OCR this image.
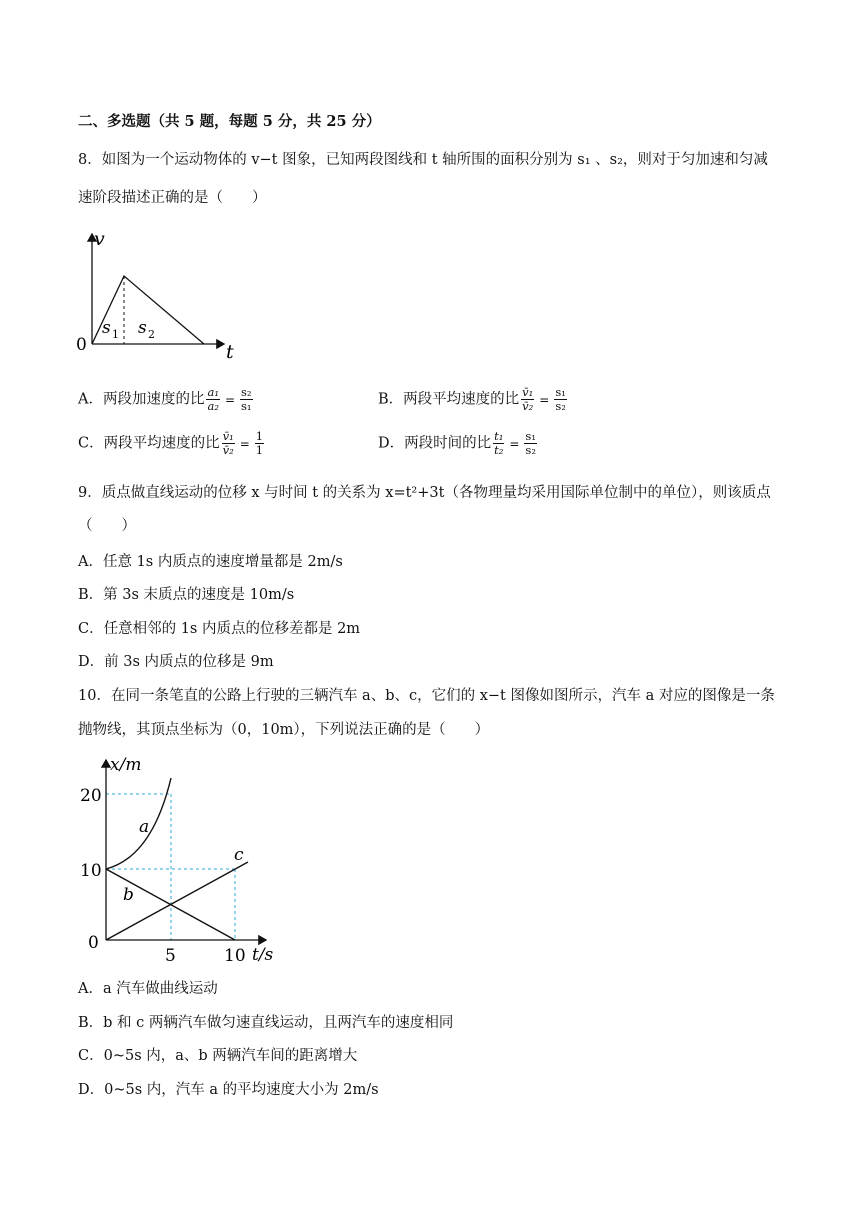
二、多选题（共 5 题，每题 5 分，共 25 分）
8．如图为一个运动物体的 v−t 图象，已知两段图线和 t 轴所围的面积分别为 s₁ 、s₂，则对于匀加速和匀减
速阶段描述正确的是（　　）
v
t
0
s 1 s 2
A．两段加速度的比 $\frac{\text{a₁}}{\text{a₂}} = \frac{\text{s₂}}{\text{s₁}}$	B．两段平均速度的比 $\frac{\text{v̄₁}}{\text{v̄₂}} = \frac{\text{s₁}}{\text{s₂}}$
C．两段平均速度的比 $\frac{\text{v̄₁}}{\text{v̄₂}} = \frac{1}{1}$	D．两段时间的比 $\frac{\text{t₁}}{\text{t₂}} = \frac{\text{s₁}}{\text{s₂}}$
9．质点做直线运动的位移 x 与时间 t 的关系为 x=t²+3t（各物理量均采用国际单位制中的单位），则该质点
（　　）
A．任意 1s 内质点的速度增量都是 2m/s
B．第 3s 末质点的速度是 10m/s
C．任意相邻的 1s 内质点的位移差都是 2m
D．前 3s 内质点的位移是 9m
10．在同一条笔直的公路上行驶的三辆汽车 a、b、c，它们的 x−t 图像如图所示，汽车 a 对应的图像是一条
抛物线，其顶点坐标为（0，10m），下列说法正确的是（　　）
x/m
t/s
0
20
10
5	10
a
b
c
A．a 汽车做曲线运动
B．b 和 c 两辆汽车做匀速直线运动，且两汽车的速度相同
C．0~5s 内，a、b 两辆汽车间的距离增大
D．0~5s 内，汽车 a 的平均速度大小为 2m/s
